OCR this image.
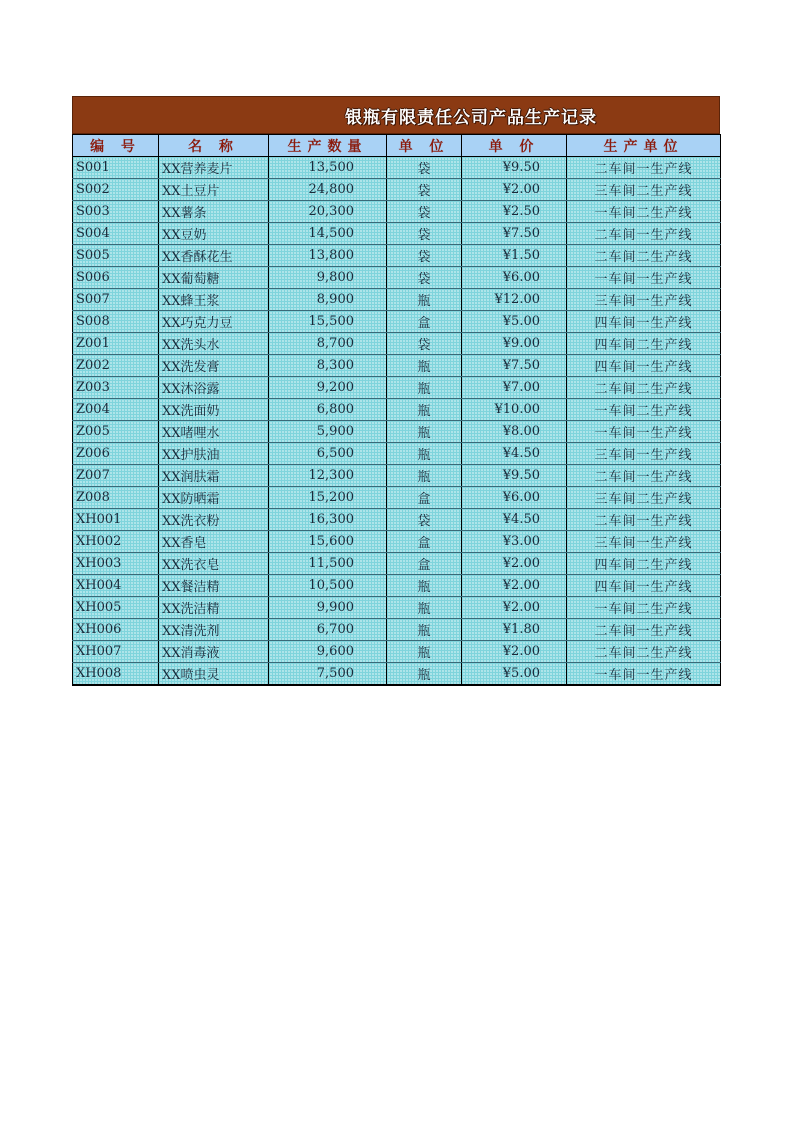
银瓶有限责任公司产品生产记录
编 号	名 称	生产数量	单 位	单 价	生产单位
S001	XX营养麦片	13,500	袋	¥9.50	二车间一生产线
S002	XX土豆片	24,800	袋	¥2.00	三车间二生产线
S003	XX薯条	20,300	袋	¥2.50	一车间二生产线
S004	XX豆奶	14,500	袋	¥7.50	二车间一生产线
S005	XX香酥花生	13,800	袋	¥1.50	二车间二生产线
S006	XX葡萄糖	9,800	袋	¥6.00	一车间一生产线
S007	XX蜂王浆	8,900	瓶	¥12.00	三车间一生产线
S008	XX巧克力豆	15,500	盒	¥5.00	四车间一生产线
Z001	XX洗头水	8,700	袋	¥9.00	四车间二生产线
Z002	XX洗发膏	8,300	瓶	¥7.50	四车间一生产线
Z003	XX沐浴露	9,200	瓶	¥7.00	二车间二生产线
Z004	XX洗面奶	6,800	瓶	¥10.00	一车间二生产线
Z005	XX啫哩水	5,900	瓶	¥8.00	一车间一生产线
Z006	XX护肤油	6,500	瓶	¥4.50	三车间一生产线
Z007	XX润肤霜	12,300	瓶	¥9.50	二车间一生产线
Z008	XX防晒霜	15,200	盒	¥6.00	三车间二生产线
XH001	XX洗衣粉	16,300	袋	¥4.50	二车间一生产线
XH002	XX香皂	15,600	盒	¥3.00	三车间一生产线
XH003	XX洗衣皂	11,500	盒	¥2.00	四车间二生产线
XH004	XX餐洁精	10,500	瓶	¥2.00	四车间一生产线
XH005	XX洗洁精	9,900	瓶	¥2.00	一车间二生产线
XH006	XX清洗剂	6,700	瓶	¥1.80	二车间一生产线
XH007	XX消毒液	9,600	瓶	¥2.00	二车间二生产线
XH008	XX喷虫灵	7,500	瓶	¥5.00	一车间一生产线
